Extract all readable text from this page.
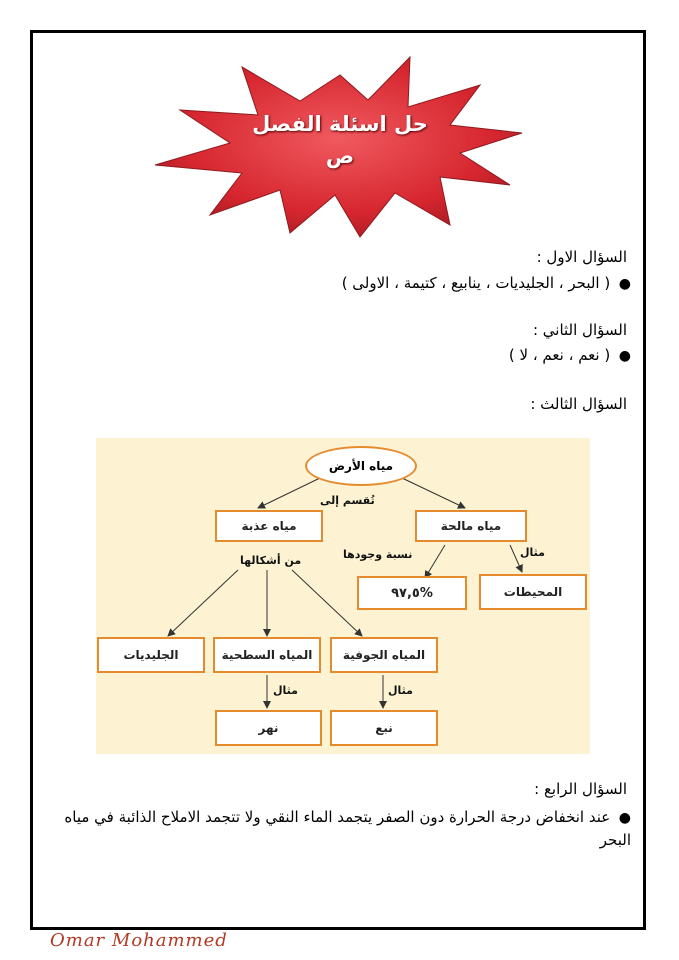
حل اسئلة الفصل
ص
السؤال الاول :
● ( البحر ، الجليديات ، ينابيع ، كتيمة ، الاولى )
السؤال الثاني :
● ( نعم ، نعم ، لا )
السؤال الثالث :
مياه الأرض
تُقسم إلى
مياه عذبة	مياه مالحة
من أشكالها	نسبة وجودها	مثال
%٩٧,٥	المحيطات
الجليديات	المياه السطحية	المياه الجوفية
مثال	مثال
نهر	نبع
السؤال الرابع :
● عند انخفاض درجة الحرارة دون الصفر يتجمد الماء النقي ولا تتجمد الاملاح الذائبة في مياه البحر
Omar Mohammed
